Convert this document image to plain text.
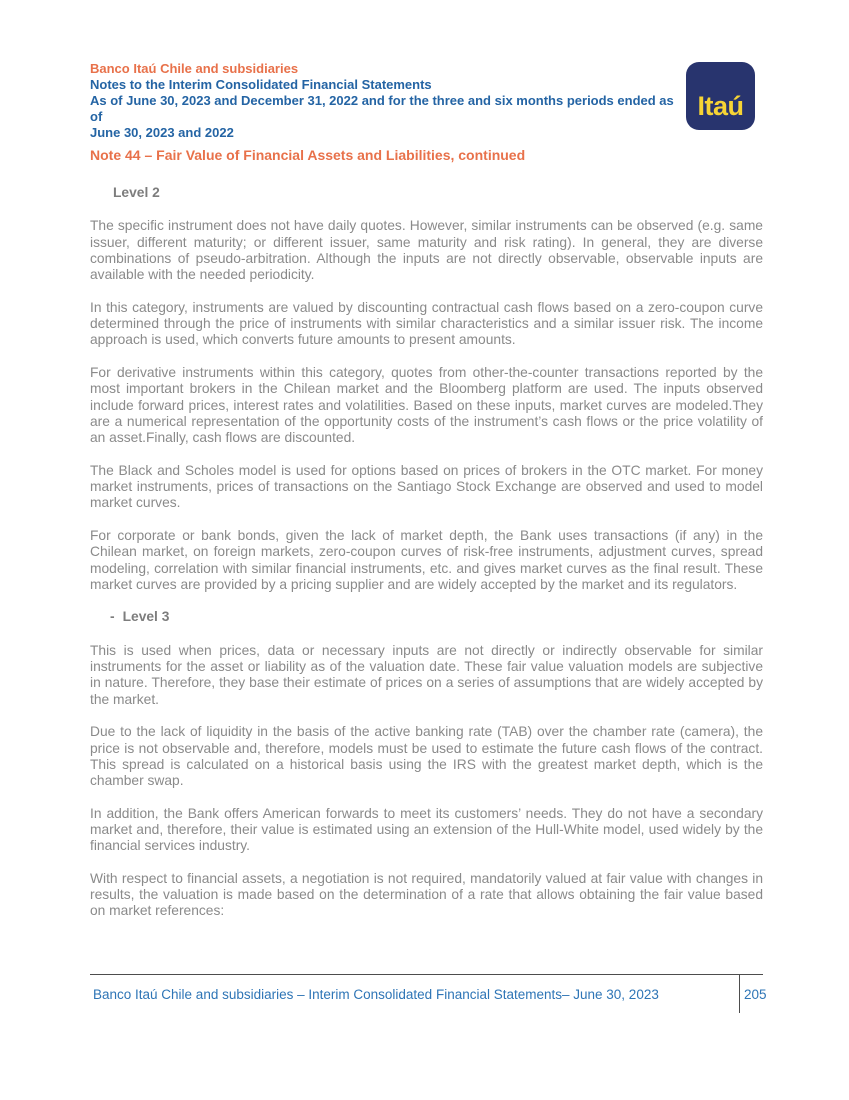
Banco Itaú Chile and subsidiaries
Notes to the Interim Consolidated Financial Statements
As of June 30, 2023 and December 31, 2022 and for the three and six months periods ended as of
June 30, 2023 and 2022
Itaú
Note 44 – Fair Value of Financial Assets and Liabilities, continued
Level 2

The specific instrument does not have daily quotes. However, similar instruments can be observed (e.g. same issuer, different maturity; or different issuer, same maturity and risk rating). In general, they are diverse combinations of pseudo-arbitration. Although the inputs are not directly observable, observable inputs are available with the needed periodicity.

In this category, instruments are valued by discounting contractual cash flows based on a zero-coupon curve determined through the price of instruments with similar characteristics and a similar issuer risk. The income approach is used, which converts future amounts to present amounts.

For derivative instruments within this category, quotes from other-the-counter transactions reported by the most important brokers in the Chilean market and the Bloomberg platform are used. The inputs observed include forward prices, interest rates and volatilities. Based on these inputs, market curves are modeled.They are a numerical representation of the opportunity costs of the instrument’s cash flows or the price volatility of an asset.Finally, cash flows are discounted.

The Black and Scholes model is used for options based on prices of brokers in the OTC market. For money market instruments, prices of transactions on the Santiago Stock Exchange are observed and used to model market curves.

For corporate or bank bonds, given the lack of market depth, the Bank uses transactions (if any) in the Chilean market, on foreign markets, zero-coupon curves of risk-free instruments, adjustment curves, spread modeling, correlation with similar financial instruments, etc. and gives market curves as the final result. These market curves are provided by a pricing supplier and are widely accepted by the market and its regulators.

- Level 3

This is used when prices, data or necessary inputs are not directly or indirectly observable for similar instruments for the asset or liability as of the valuation date. These fair value valuation models are subjective in nature. Therefore, they base their estimate of prices on a series of assumptions that are widely accepted by the market.

Due to the lack of liquidity in the basis of the active banking rate (TAB) over the chamber rate (camera), the price is not observable and, therefore, models must be used to estimate the future cash flows of the contract. This spread is calculated on a historical basis using the IRS with the greatest market depth, which is the chamber swap.

In addition, the Bank offers American forwards to meet its customers’ needs. They do not have a secondary market and, therefore, their value is estimated using an extension of the Hull-White model, used widely by the financial services industry.

With respect to financial assets, a negotiation is not required, mandatorily valued at fair value with changes in results, the valuation is made based on the determination of a rate that allows obtaining the fair value based on market references:

Banco Itaú Chile and subsidiaries – Interim Consolidated Financial Statements– June 30, 2023	205
